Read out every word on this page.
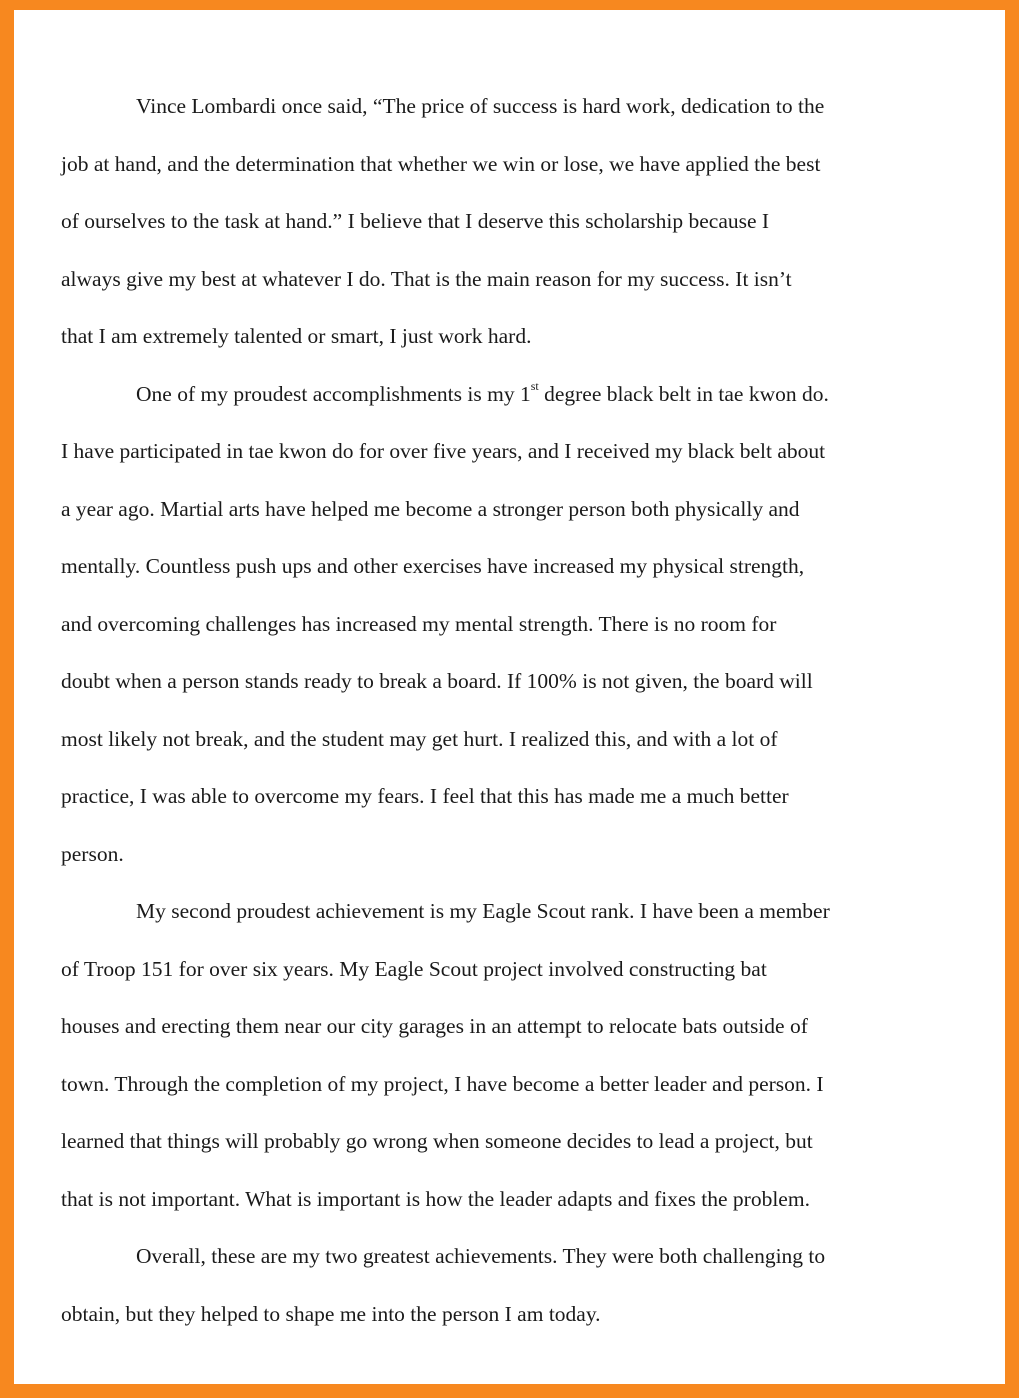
Vince Lombardi once said, “The price of success is hard work, dedication to the
job at hand, and the determination that whether we win or lose, we have applied the best
of ourselves to the task at hand.” I believe that I deserve this scholarship because I
always give my best at whatever I do. That is the main reason for my success. It isn’t
that I am extremely talented or smart, I just work hard.

One of my proudest accomplishments is my 1st degree black belt in tae kwon do.
I have participated in tae kwon do for over five years, and I received my black belt about
a year ago. Martial arts have helped me become a stronger person both physically and
mentally. Countless push ups and other exercises have increased my physical strength,
and overcoming challenges has increased my mental strength. There is no room for
doubt when a person stands ready to break a board. If 100% is not given, the board will
most likely not break, and the student may get hurt. I realized this, and with a lot of
practice, I was able to overcome my fears. I feel that this has made me a much better
person.

My second proudest achievement is my Eagle Scout rank. I have been a member
of Troop 151 for over six years. My Eagle Scout project involved constructing bat
houses and erecting them near our city garages in an attempt to relocate bats outside of
town. Through the completion of my project, I have become a better leader and person. I
learned that things will probably go wrong when someone decides to lead a project, but
that is not important. What is important is how the leader adapts and fixes the problem.

Overall, these are my two greatest achievements. They were both challenging to
obtain, but they helped to shape me into the person I am today.
